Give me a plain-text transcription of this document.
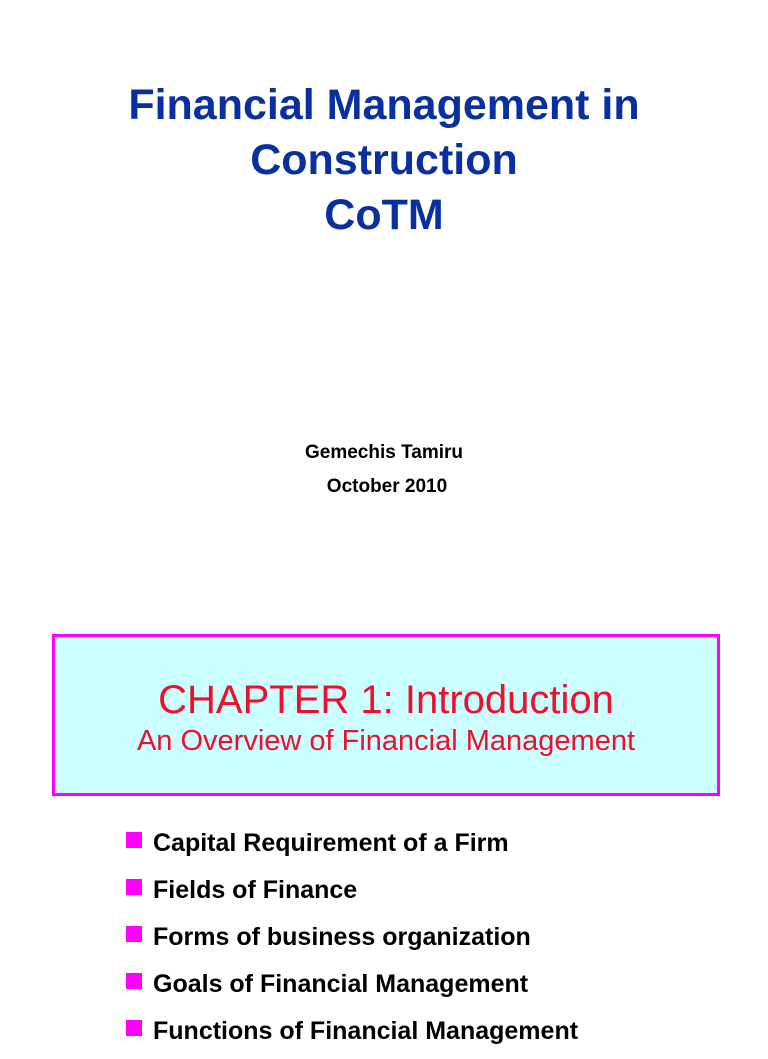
Financial Management in
Construction
CoTM
Gemechis Tamiru
October 2010
CHAPTER 1: Introduction
An Overview of Financial Management
Capital Requirement of a Firm
Fields of Finance
Forms of business organization
Goals of Financial Management
Functions of Financial Management
